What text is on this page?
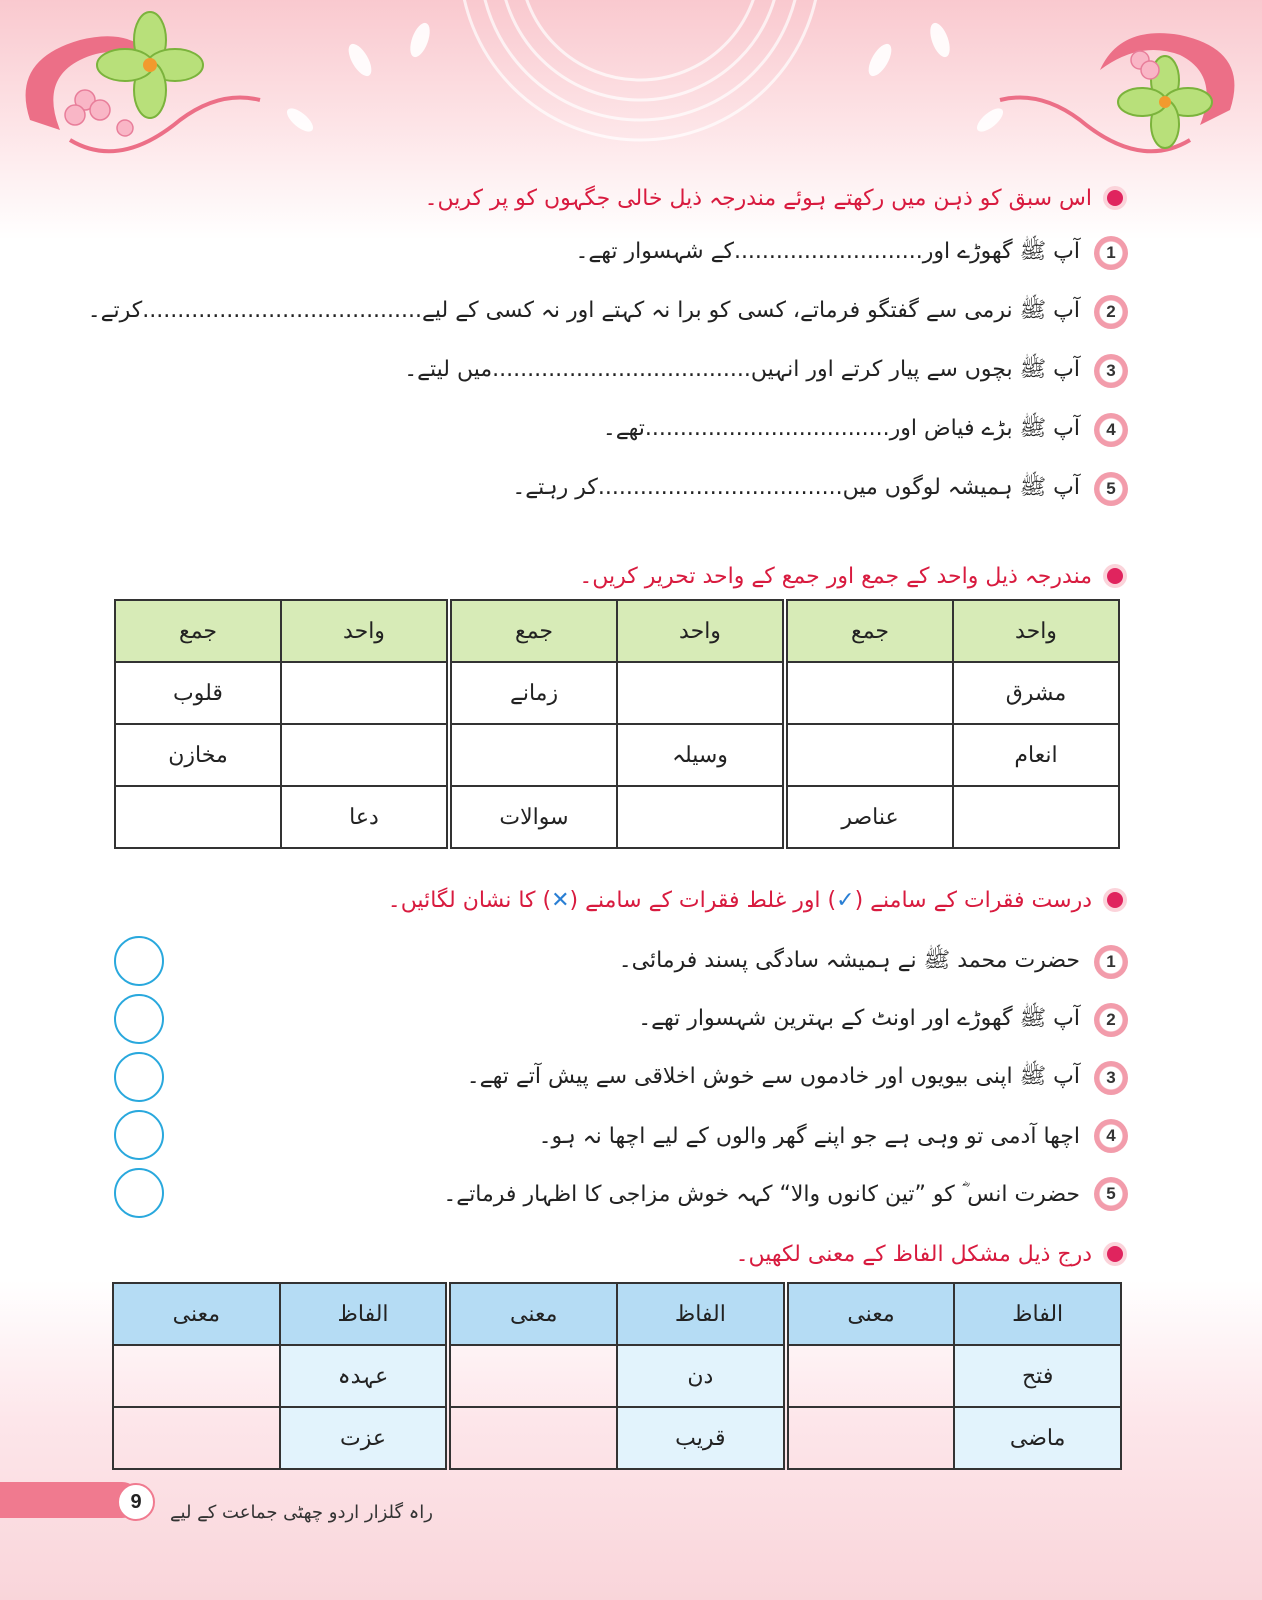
اس سبق کو ذہن میں رکھتے ہوئے مندرجہ ذیل خالی جگہوں کو پر کریں۔
1
آپ ﷺ گھوڑے اور...........................کے شہسوار تھے۔
2
آپ ﷺ نرمی سے گفتگو فرماتے، کسی کو برا نہ کہتے اور نہ کسی کے لیے........................................کرتے۔
3
آپ ﷺ بچوں سے پیار کرتے اور انہیں.....................................میں لیتے۔
4
آپ ﷺ بڑے فیاض اور...................................تھے۔
5
آپ ﷺ ہمیشہ لوگوں میں...................................کر رہتے۔
مندرجہ ذیل واحد کے جمع اور جمع کے واحد تحریر کریں۔
واحد	جمع		واحد	جمع		واحد	جمع
مشرق				زمانے			قلوب
انعام			وسیلہ				مخازن
	عناصر			سوالات		دعا	
درست فقرات کے سامنے (
✓
) اور غلط فقرات کے سامنے (
✕
) کا نشان لگائیں۔
1
حضرت محمد ﷺ نے ہمیشہ سادگی پسند فرمائی۔
2
آپ ﷺ گھوڑے اور اونٹ کے بہترین شہسوار تھے۔
3
آپ ﷺ اپنی بیویوں اور خادموں سے خوش اخلاقی سے پیش آتے تھے۔
4
اچھا آدمی تو وہی ہے جو اپنے گھر والوں کے لیے اچھا نہ ہو۔
5
حضرت انس ؓ کو ”تین کانوں والا“ کہہ خوش مزاجی کا اظہار فرماتے۔
درج ذیل مشکل الفاظ کے معنی لکھیں۔
الفاظ	معنی		الفاظ	معنی		الفاظ	معنی
فتح			دن			عہدہ	
ماضی			قریب			عزت	
9	راہ گلزار اردو چھٹی جماعت کے لیے
